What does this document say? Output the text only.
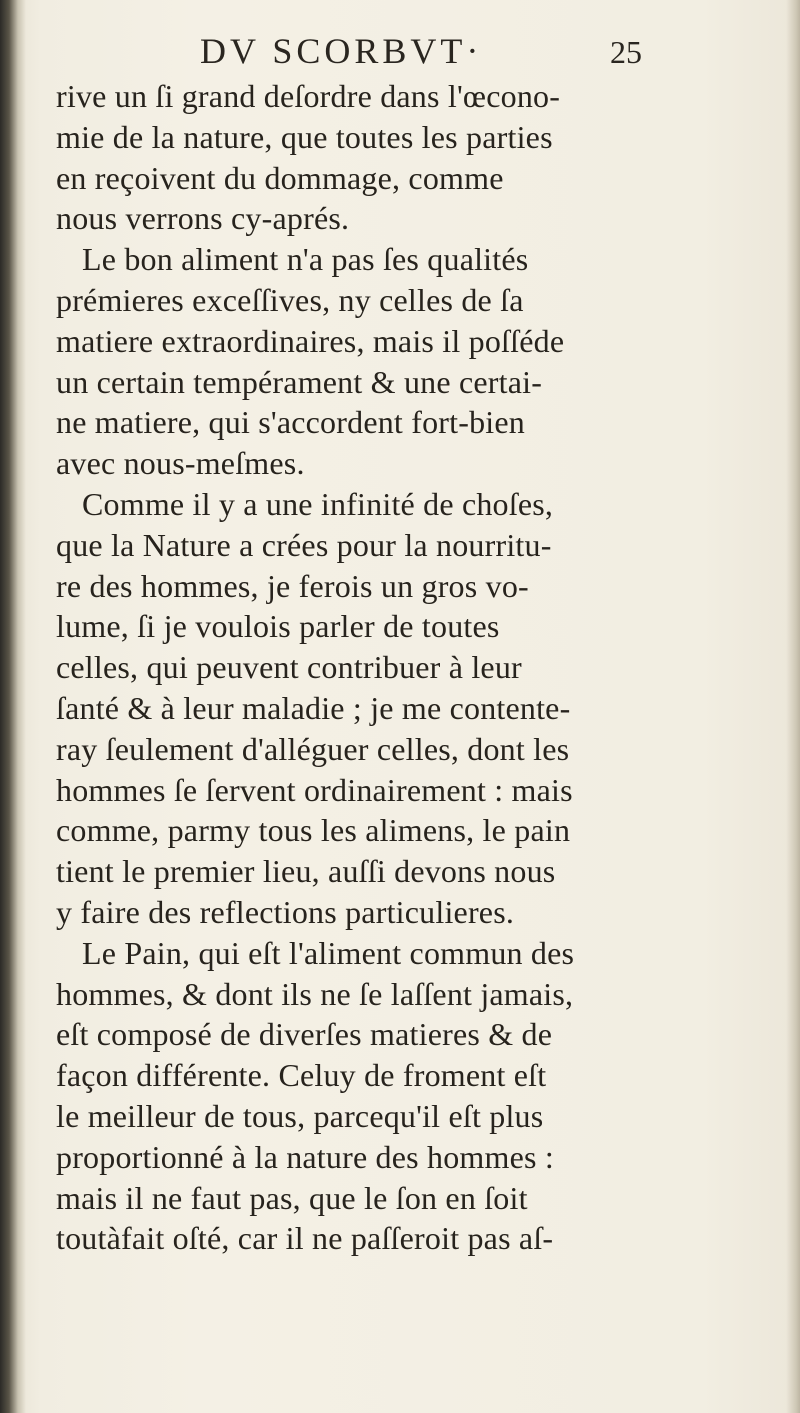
DV SCORBVT·	25
rive un ſi grand deſordre dans l'œcono-
mie de la nature, que toutes les parties
en reçoivent du dommage, comme
nous verrons cy-aprés.
Le bon aliment n'a pas ſes qualités
prémieres exceſſives, ny celles de ſa
matiere extraordinaires, mais il poſſéde
un certain tempérament & une certai-
ne matiere, qui s'accordent fort-bien
avec nous-meſmes.
Comme il y a une infinité de choſes,
que la Nature a crées pour la nourritu-
re des hommes, je ferois un gros vo-
lume, ſi je voulois parler de toutes
celles, qui peuvent contribuer à leur
ſanté & à leur maladie ; je me contente-
ray ſeulement d'alléguer celles, dont les
hommes ſe ſervent ordinairement : mais
comme, parmy tous les alimens, le pain
tient le premier lieu, auſſi devons nous
y faire des reflections particulieres.
Le Pain, qui eſt l'aliment commun des
hommes, & dont ils ne ſe laſſent jamais,
eſt composé de diverſes matieres & de
façon différente. Celuy de froment eſt
le meilleur de tous, parcequ'il eſt plus
proportionné à la nature des hommes :
mais il ne faut pas, que le ſon en ſoit
toutàfait oſté, car il ne paſſeroit pas aſ-
